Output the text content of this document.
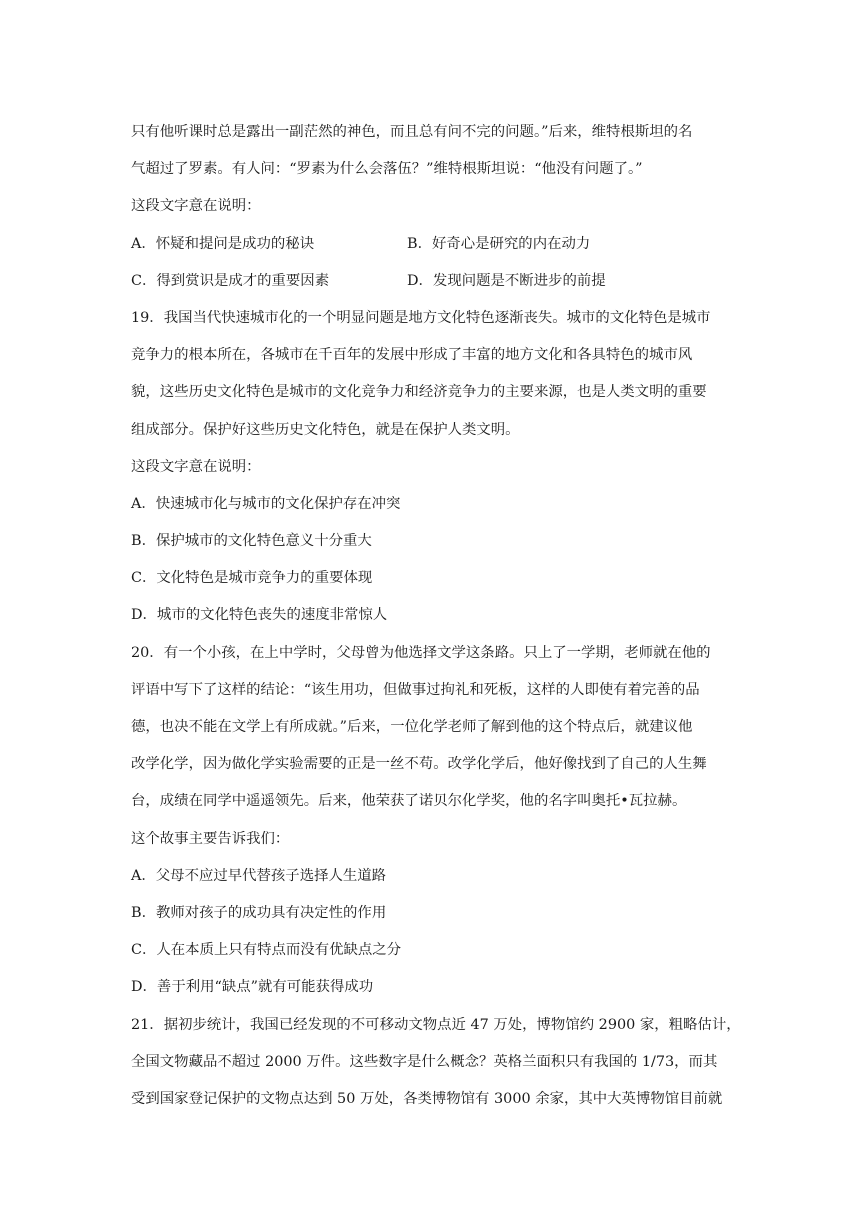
只有他听课时总是露出一副茫然的神色，而且总有问不完的问题。”后来，维特根斯坦的名
气超过了罗素。有人问：“罗素为什么会落伍？”维特根斯坦说：“他没有问题了。”
这段文字意在说明：
A．怀疑和提问是成功的秘诀	B．好奇心是研究的内在动力
C．得到赏识是成才的重要因素	D．发现问题是不断进步的前提
19．我国当代快速城市化的一个明显问题是地方文化特色逐渐丧失。城市的文化特色是城市
竞争力的根本所在，各城市在千百年的发展中形成了丰富的地方文化和各具特色的城市风
貌，这些历史文化特色是城市的文化竞争力和经济竞争力的主要来源，也是人类文明的重要
组成部分。保护好这些历史文化特色，就是在保护人类文明。
这段文字意在说明：
A．快速城市化与城市的文化保护存在冲突
B．保护城市的文化特色意义十分重大
C．文化特色是城市竞争力的重要体现
D．城市的文化特色丧失的速度非常惊人
20．有一个小孩，在上中学时，父母曾为他选择文学这条路。只上了一学期，老师就在他的
评语中写下了这样的结论：“该生用功，但做事过拘礼和死板，这样的人即使有着完善的品
德，也决不能在文学上有所成就。”后来，一位化学老师了解到他的这个特点后，就建议他
改学化学，因为做化学实验需要的正是一丝不苟。改学化学后，他好像找到了自己的人生舞
台，成绩在同学中遥遥领先。后来，他荣获了诺贝尔化学奖，他的名字叫奥托•瓦拉赫。
这个故事主要告诉我们：
A．父母不应过早代替孩子选择人生道路
B．教师对孩子的成功具有决定性的作用
C．人在本质上只有特点而没有优缺点之分
D．善于利用“缺点”就有可能获得成功
21．据初步统计，我国已经发现的不可移动文物点近 47 万处，博物馆约 2900 家，粗略估计，
全国文物藏品不超过 2000 万件。这些数字是什么概念？英格兰面积只有我国的 1/73，而其
受到国家登记保护的文物点达到 50 万处，各类博物馆有 3000 余家，其中大英博物馆目前就
